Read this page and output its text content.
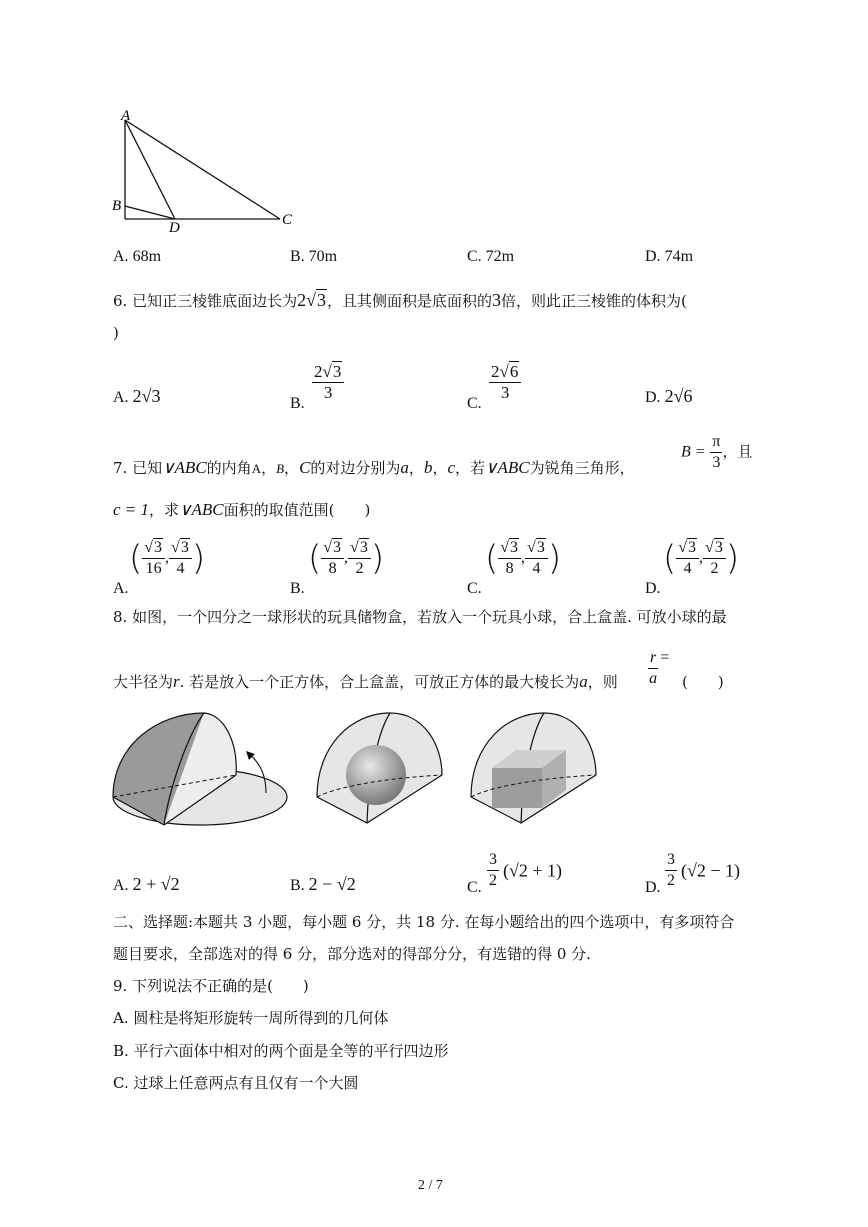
A
B
C
D
A. 68m	B. 70m	C. 72m	D. 74m
6. 已知正三棱锥底面边长为2√3，且其侧面积是底面积的3倍，则此正三棱锥的体积为(
)
A. 2√3	B.
$\frac{2√3}{3}$
C.
$\frac{2√6}{3}$	D. 2√6
7. 已知∨ABC的内角A，B，C的对边分别为a，b，c，若∨ABC为锐角三角形，
$B = \frac{\pi}{3}$ ，且
c = 1，求∨ABC面积的取值范围(　　)
A.
( $\frac{√3}{16}$ , $\frac{√3}{4}$ )
B.
( $\frac{√3}{8}$ , $\frac{√3}{2}$ )
C.
( $\frac{√3}{8}$ , $\frac{√3}{4}$ )
D.
( $\frac{√3}{4}$ , $\frac{√3}{2}$ )
8. 如图，一个四分之一球形状的玩具储物盒，若放入一个玩具小球，合上盒盖. 可放小球的最
大半径为r. 若是放入一个正方体，合上盒盖，可放正方体的最大棱长为a，则 $\frac{r}{a}$ =
(　　)
A. 2 + √2	B. 2 − √2	C. $\frac{3}{2} (√2 + 1)$
D. $\frac{3}{2} (√2 - 1)$
二、选择题:本题共 3 小题，每小题 6 分，共 18 分. 在每小题给出的四个选项中，有多项符合
题目要求，全部选对的得 6 分，部分选对的得部分分，有选错的得 0 分.
9. 下列说法不正确的是(　　)
A. 圆柱是将矩形旋转一周所得到的几何体
B. 平行六面体中相对的两个面是全等的平行四边形
C. 过球上任意两点有且仅有一个大圆
2 / 7
